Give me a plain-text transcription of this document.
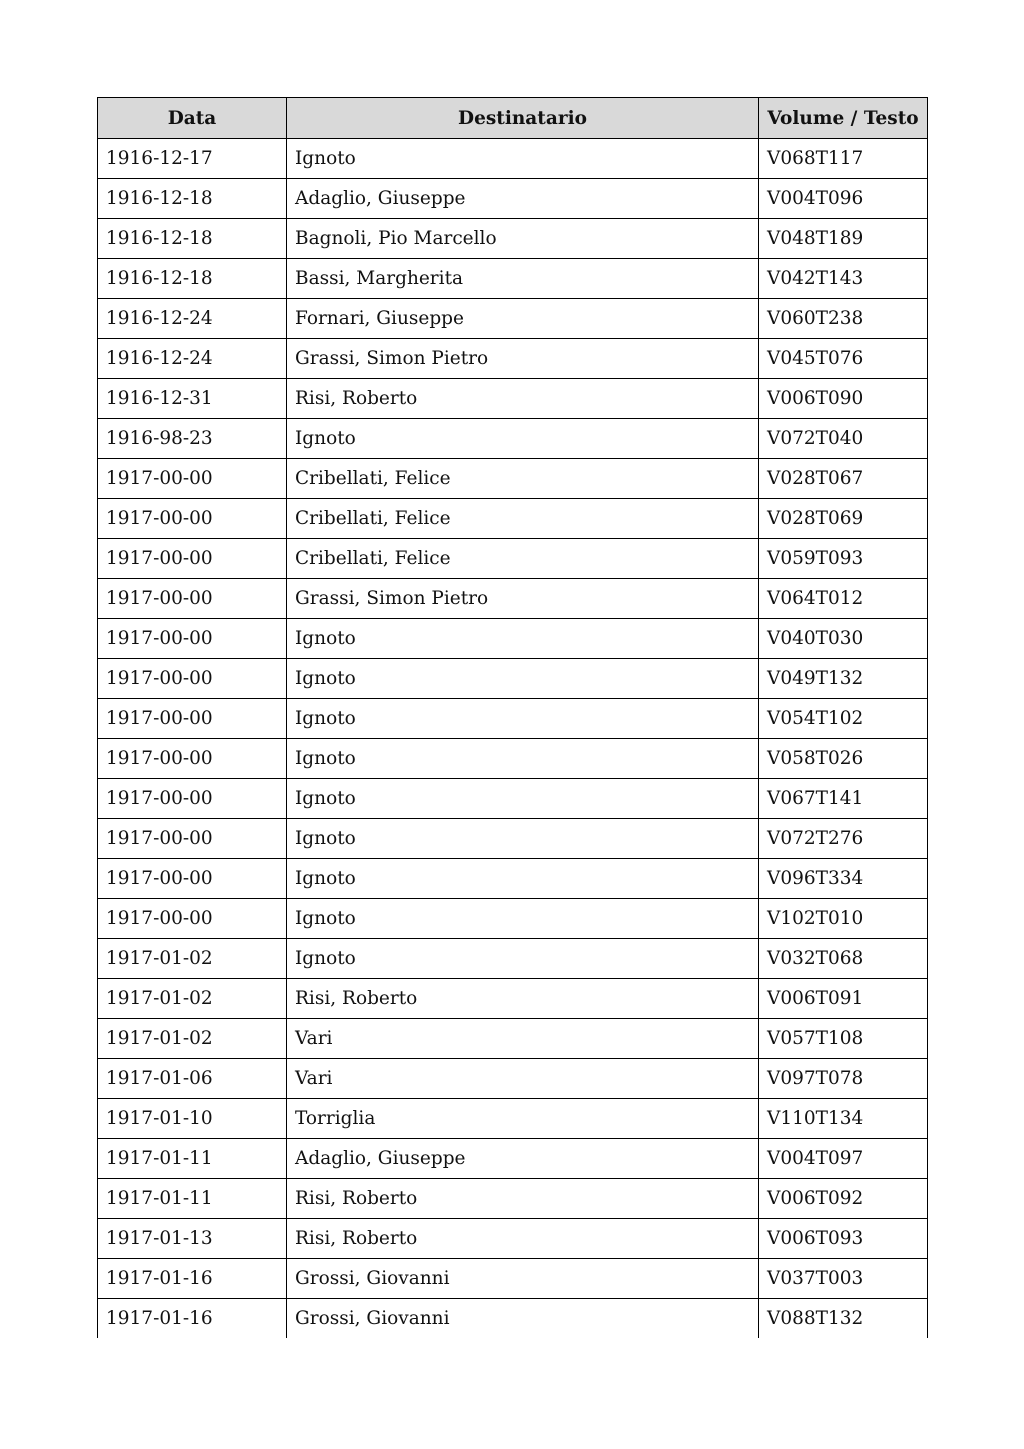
Data	Destinatario	Volume / Testo
1916-12-17	Ignoto	V068T117
1916-12-18	Adaglio, Giuseppe	V004T096
1916-12-18	Bagnoli, Pio Marcello	V048T189
1916-12-18	Bassi, Margherita	V042T143
1916-12-24	Fornari, Giuseppe	V060T238
1916-12-24	Grassi, Simon Pietro	V045T076
1916-12-31	Risi, Roberto	V006T090
1916-98-23	Ignoto	V072T040
1917-00-00	Cribellati, Felice	V028T067
1917-00-00	Cribellati, Felice	V028T069
1917-00-00	Cribellati, Felice	V059T093
1917-00-00	Grassi, Simon Pietro	V064T012
1917-00-00	Ignoto	V040T030
1917-00-00	Ignoto	V049T132
1917-00-00	Ignoto	V054T102
1917-00-00	Ignoto	V058T026
1917-00-00	Ignoto	V067T141
1917-00-00	Ignoto	V072T276
1917-00-00	Ignoto	V096T334
1917-00-00	Ignoto	V102T010
1917-01-02	Ignoto	V032T068
1917-01-02	Risi, Roberto	V006T091
1917-01-02	Vari	V057T108
1917-01-06	Vari	V097T078
1917-01-10	Torriglia	V110T134
1917-01-11	Adaglio, Giuseppe	V004T097
1917-01-11	Risi, Roberto	V006T092
1917-01-13	Risi, Roberto	V006T093
1917-01-16	Grossi, Giovanni	V037T003
1917-01-16	Grossi, Giovanni	V088T132
